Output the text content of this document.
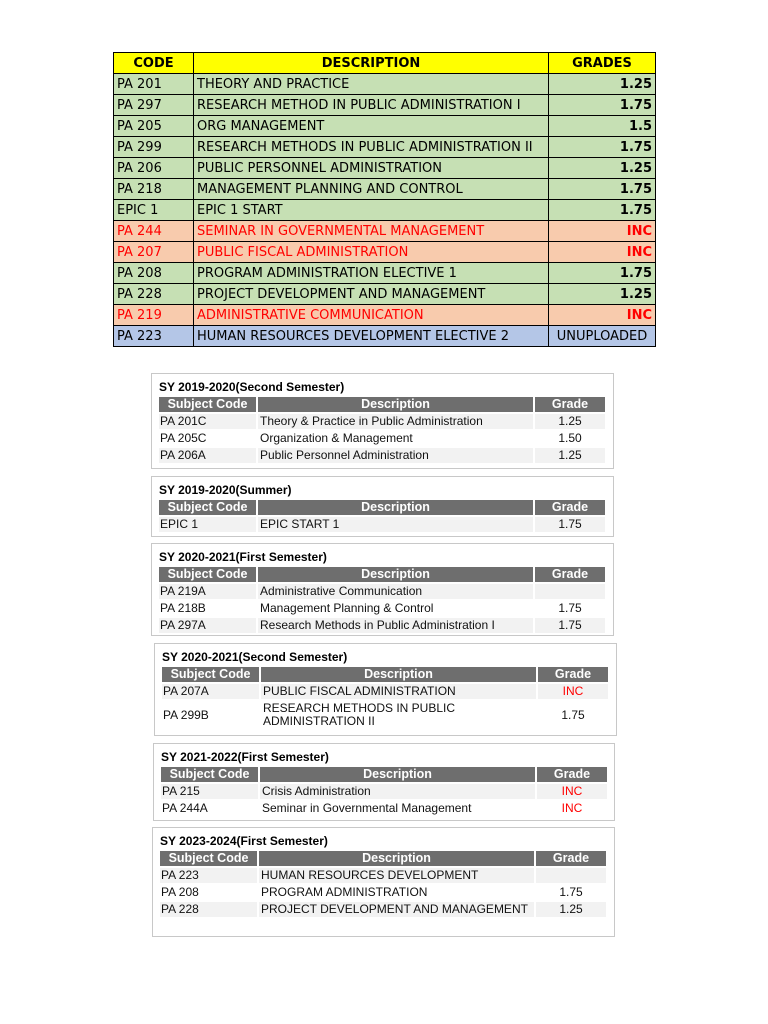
CODE	DESCRIPTION	GRADES
PA 201	THEORY AND PRACTICE	1.25
PA 297	RESEARCH METHOD IN PUBLIC ADMINISTRATION I	1.75
PA 205	ORG MANAGEMENT	1.5
PA 299	RESEARCH METHODS IN PUBLIC ADMINISTRATION II	1.75
PA 206	PUBLIC PERSONNEL ADMINISTRATION	1.25
PA 218	MANAGEMENT PLANNING AND CONTROL	1.75
EPIC 1	EPIC 1 START	1.75
PA 244	SEMINAR IN GOVERNMENTAL MANAGEMENT	INC
PA 207	PUBLIC FISCAL ADMINISTRATION	INC
PA 208	PROGRAM ADMINISTRATION ELECTIVE 1	1.75
PA 228	PROJECT DEVELOPMENT AND MANAGEMENT	1.25
PA 219	ADMINISTRATIVE COMMUNICATION	INC
PA 223	HUMAN RESOURCES DEVELOPMENT ELECTIVE 2	UNUPLOADED
SY 2019-2020(Second Semester)
Subject Code	Description	Grade
PA 201C	Theory & Practice in Public Administration	1.25
PA 205C	Organization & Management	1.50
PA 206A	Public Personnel Administration	1.25
SY 2019-2020(Summer)
Subject Code	Description	Grade
EPIC 1	EPIC START 1	1.75
SY 2020-2021(First Semester)
Subject Code	Description	Grade
PA 219A	Administrative Communication	
PA 218B	Management Planning & Control	1.75
PA 297A	Research Methods in Public Administration I	1.75
SY 2020-2021(Second Semester)
Subject Code	Description	Grade
PA 207A	PUBLIC FISCAL ADMINISTRATION	INC
PA 299B	RESEARCH METHODS IN PUBLIC ADMINISTRATION II	1.75
SY 2021-2022(First Semester)
Subject Code	Description	Grade
PA 215	Crisis Administration	INC
PA 244A	Seminar in Governmental Management	INC
SY 2023-2024(First Semester)
Subject Code	Description	Grade
PA 223	HUMAN RESOURCES DEVELOPMENT	
PA 208	PROGRAM ADMINISTRATION	1.75
PA 228	PROJECT DEVELOPMENT AND MANAGEMENT	1.25
